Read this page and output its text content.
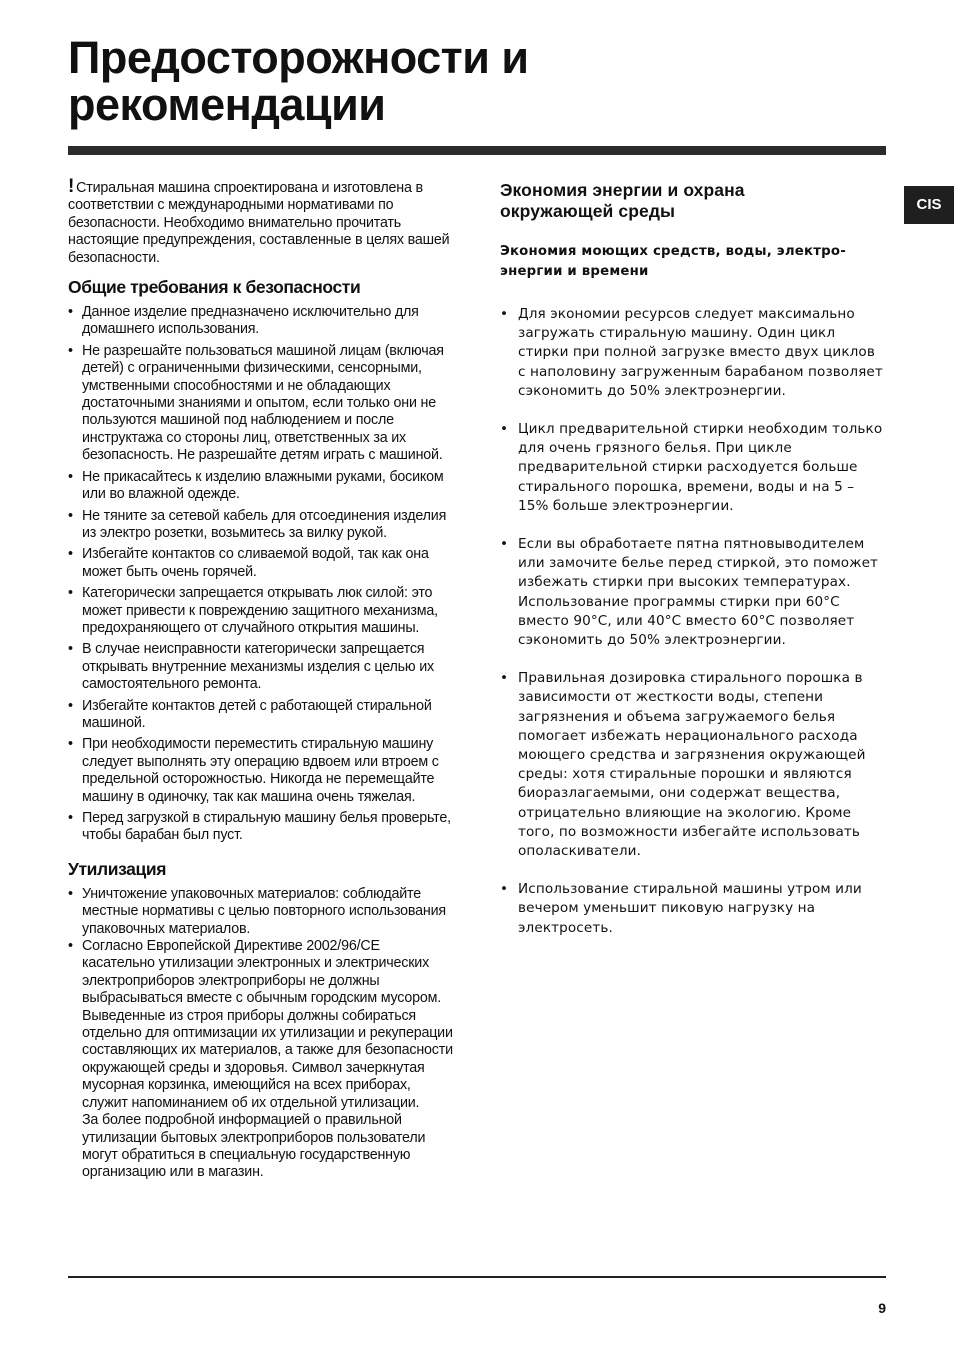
Предосторожности и
рекомендации
CIS

! Стиральная машина спроектирована и изготовлена в соответствии с международными нормативами по безопасности. Необходимо внимательно прочитать настоящие предупреждения, составленные в целях вашей безопасности.

Общие требования к безопасности
• Данное изделие предназначено исключительно для домашнего использования.
• Не разрешайте пользоваться машиной лицам (включая детей) с ограниченными физическими, сенсорными, умственными способностями и не обладающих достаточными знаниями и опытом, если только они не пользуются машиной под наблюдением и после инструктажа со стороны лиц, ответственных за их безопасность. Не разрешайте детям играть с машиной.
• Не прикасайтесь к изделию влажными руками, босиком или во влажной одежде.
• Не тяните за сетевой кабель для отсоединения изделия из электро розетки, возьмитесь за вилку рукой.
• Избегайте контактов со сливаемой водой, так как она может быть очень горячей.
• Категорически запрещается открывать люк силой: это может привести к повреждению защитного механизма, предохраняющего от случайного открытия машины.
• В случае неисправности категорически запрещается открывать внутренние механизмы изделия с целью их самостоятельного ремонта.
• Избегайте контактов детей с работающей стиральной машиной.
• При необходимости переместить стиральную машину следует выполнять эту операцию вдвоем или втроем с предельной осторожностью. Никогда не перемещайте машину в одиночку, так как машина очень тяжелая.
• Перед загрузкой в стиральную машину белья проверьте, чтобы барабан был пуст.
Утилизация
• Уничтожение упаковочных материалов: соблюдайте местные нормативы с целью повторного использования упаковочных материалов.
• Согласно Европейской Директиве 2002/96/CE касательно утилизации электронных и электрических электроприборов электроприборы не должны выбрасываться вместе с обычным городским мусором. Выведенные из строя приборы должны собираться отдельно для оптимизации их утилизации и рекуперации составляющих их материалов, а также для безопасности окружающей среды и здоровья. Символ зачеркнутая мусорная корзинка, имеющийся на всех приборах, служит напоминанием об их отдельной утилизации.
За более подробной информацией о правильной утилизации бытовых электроприборов пользователи могут обратиться в специальную государственную организацию или в магазин.
Экономия энергии и охрана
окружающей среды
Экономия моющих средств, воды, электро-
энергии и времени
• Для экономии ресурсов следует максимально загружать стиральную машину. Один цикл стирки при полной загрузке вместо двух циклов с наполовину загруженным барабаном позволяет сэкономить до 50% электроэнергии.
• Цикл предварительной стирки необходим только для очень грязного белья. При цикле предварительной стирки расходуется больше стирального порошка, времени, воды и на 5 – 15% больше электроэнергии.
• Если вы обработаете пятна пятновыводителем или замочите белье перед стиркой, это поможет избежать стирки при высоких температурах. Использование программы стирки при 60°С вместо 90°С, или 40°С вместо 60°С позволяет сэкономить до 50% электроэнергии.
• Правильная дозировка стирального порошка в зависимости от жесткости воды, степени загрязнения и объема загружаемого белья помогает избежать нерационального расхода моющего средства и загрязнения окружающей среды: хотя стиральные порошки и являются биоразлагаемыми, они содержат вещества, отрицательно влияющие на экологию. Кроме того, по возможности избегайте использовать ополаскиватели.
• Использование стиральной машины утром или вечером уменьшит пиковую нагрузку на электросеть.
9
